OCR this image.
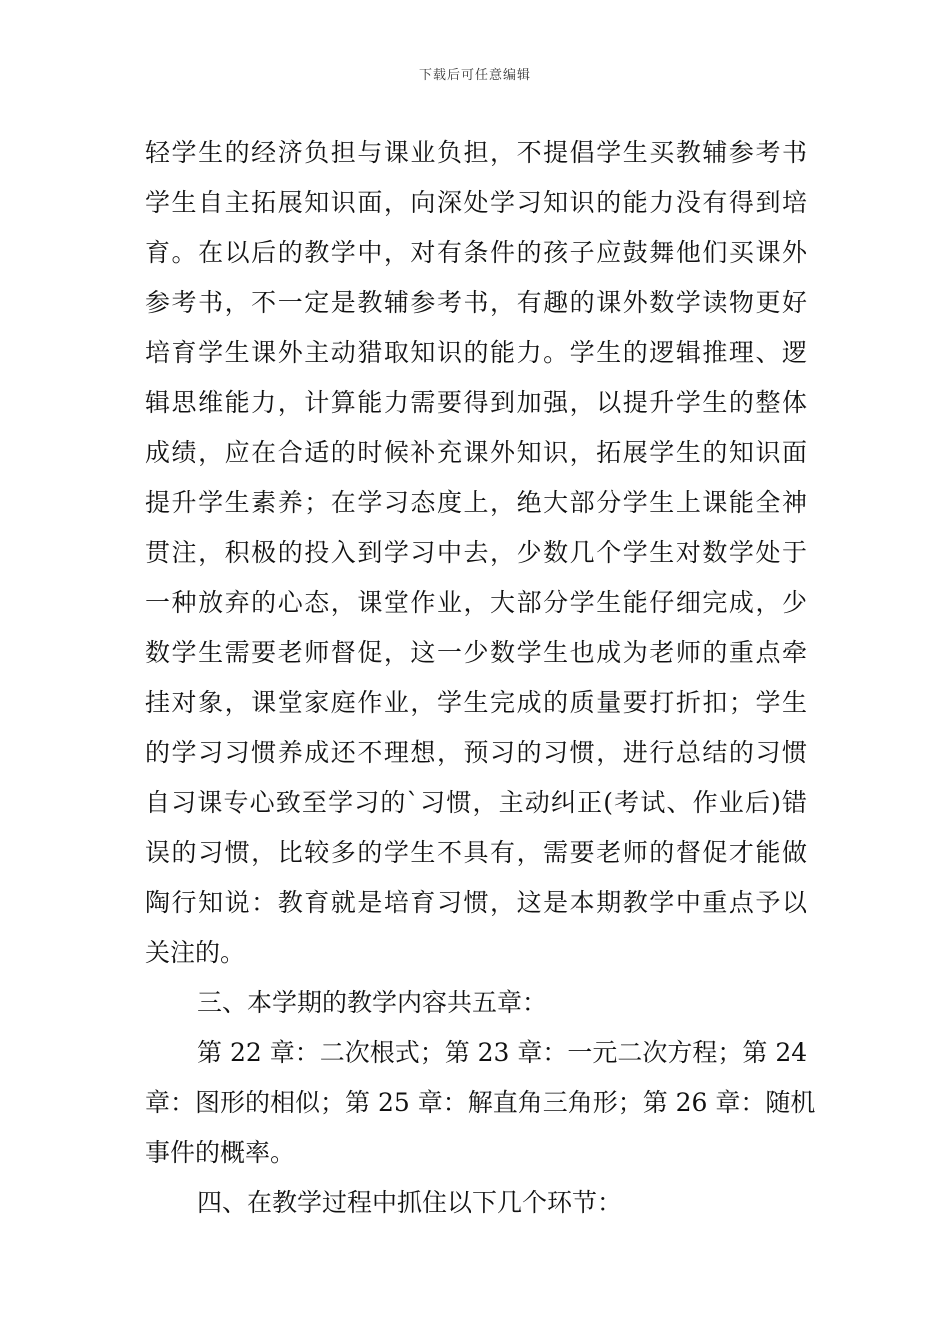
下载后可任意编辑
轻学生的经济负担与课业负担，不提倡学生买教辅参考书
学生自主拓展知识面，向深处学习知识的能力没有得到培
育。在以后的教学中，对有条件的孩子应鼓舞他们买课外
参考书，不一定是教辅参考书，有趣的课外数学读物更好
培育学生课外主动猎取知识的能力。学生的逻辑推理、逻
辑思维能力，计算能力需要得到加强，以提升学生的整体
成绩，应在合适的时候补充课外知识，拓展学生的知识面
提升学生素养；在学习态度上，绝大部分学生上课能全神
贯注，积极的投入到学习中去，少数几个学生对数学处于
一种放弃的心态，课堂作业，大部分学生能仔细完成，少
数学生需要老师督促，这一少数学生也成为老师的重点牵
挂对象，课堂家庭作业，学生完成的质量要打折扣；学生
的学习习惯养成还不理想，预习的习惯，进行总结的习惯
自习课专心致至学习的`习惯，主动纠正(考试、作业后)错
误的习惯，比较多的学生不具有，需要老师的督促才能做
陶行知说：教育就是培育习惯，这是本期教学中重点予以
关注的。
三、本学期的教学内容共五章：
第 22 章：二次根式；第 23 章：一元二次方程；第 24
章：图形的相似；第 25 章：解直角三角形；第 26 章：随机
事件的概率。
四、在教学过程中抓住以下几个环节：
